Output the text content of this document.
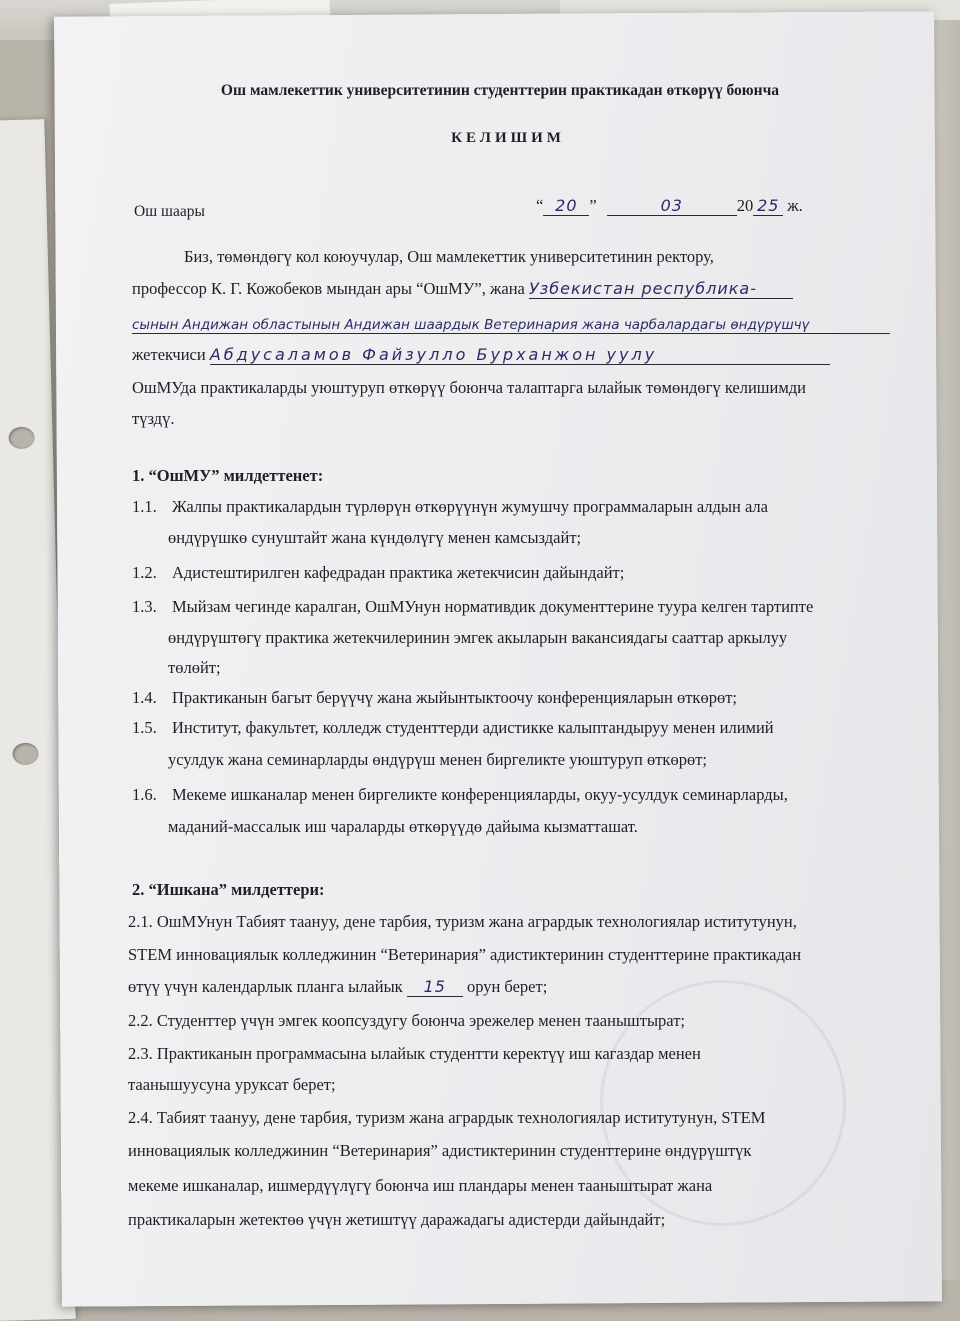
Ош мамлекеттик университетинин студенттерин практикадан өткөрүү боюнча
КЕЛИШИМ
Ош шаары	“ 20 ”	03	20 25 ж.
Биз, төмөндөгү кол коюучулар, Ош мамлекеттик университетинин ректору,
профессор К. Г. Кожобеков мындан ары “ОшМУ”, жана Узбекистан республика-
сынын Андижан областынын Андижан шаардык Ветеринария жана чарбалардагы өндүрүшчү
жетекчиси Абдусаламов Файзулло Бурханжон уулу
ОшМУда практикаларды уюштуруп өткөрүү боюнча талаптарга ылайык төмөндөгү келишимди
түздү.
1. “ОшМУ” милдеттенет:
1.1. Жалпы практикалардын түрлөрүн өткөрүүнүн жумушчу программаларын алдын ала
өндүрүшкө сунуштайт жана күндөлүгү менен камсыздайт;
1.2. Адистештирилген кафедрадан практика жетекчисин дайындайт;
1.3. Мыйзам чегинде каралган, ОшМУнун нормативдик документтерине туура келген тартипте
өндүрүштөгү практика жетекчилеринин эмгек акыларын вакансиядагы сааттар аркылуу
төлөйт;
1.4. Практиканын багыт берүүчү жана жыйынтыктоочу конференцияларын өткөрөт;
1.5. Институт, факультет, колледж студенттерди адистикке калыптандыруу менен илимий
усулдук жана семинарларды өндүрүш менен биргеликте уюштуруп өткөрөт;
1.6. Мекеме ишканалар менен биргеликте конференцияларды, окуу-усулдук семинарларды,
маданий-массалык иш чараларды өткөрүүдө дайыма кызматташат.
2. “Ишкана” милдеттери:
2.1. ОшМУнун Табият таануу, дене тарбия, туризм жана агрардык технологиялар иститутунун,
STEM инновациялык колледжинин “Ветеринария” адистиктеринин студенттерине практикадан
өтүү үчүн календарлык планга ылайык 15 орун берет;
2.2. Студенттер үчүн эмгек коопсуздугу боюнча эрежелер менен тааныштырат;
2.3. Практиканын программасына ылайык студентти керектүү иш кагаздар менен
таанышуусуна уруксат берет;
2.4. Табият таануу, дене тарбия, туризм жана агрардык технологиялар иститутунун, STEM
инновациялык колледжинин “Ветеринария” адистиктеринин студенттерине өндүрүштүк
мекеме ишканалар, ишмердүүлүгү боюнча иш пландары менен тааныштырат жана
практикаларын жетектөө үчүн жетиштүү даражадагы адистерди дайындайт;
